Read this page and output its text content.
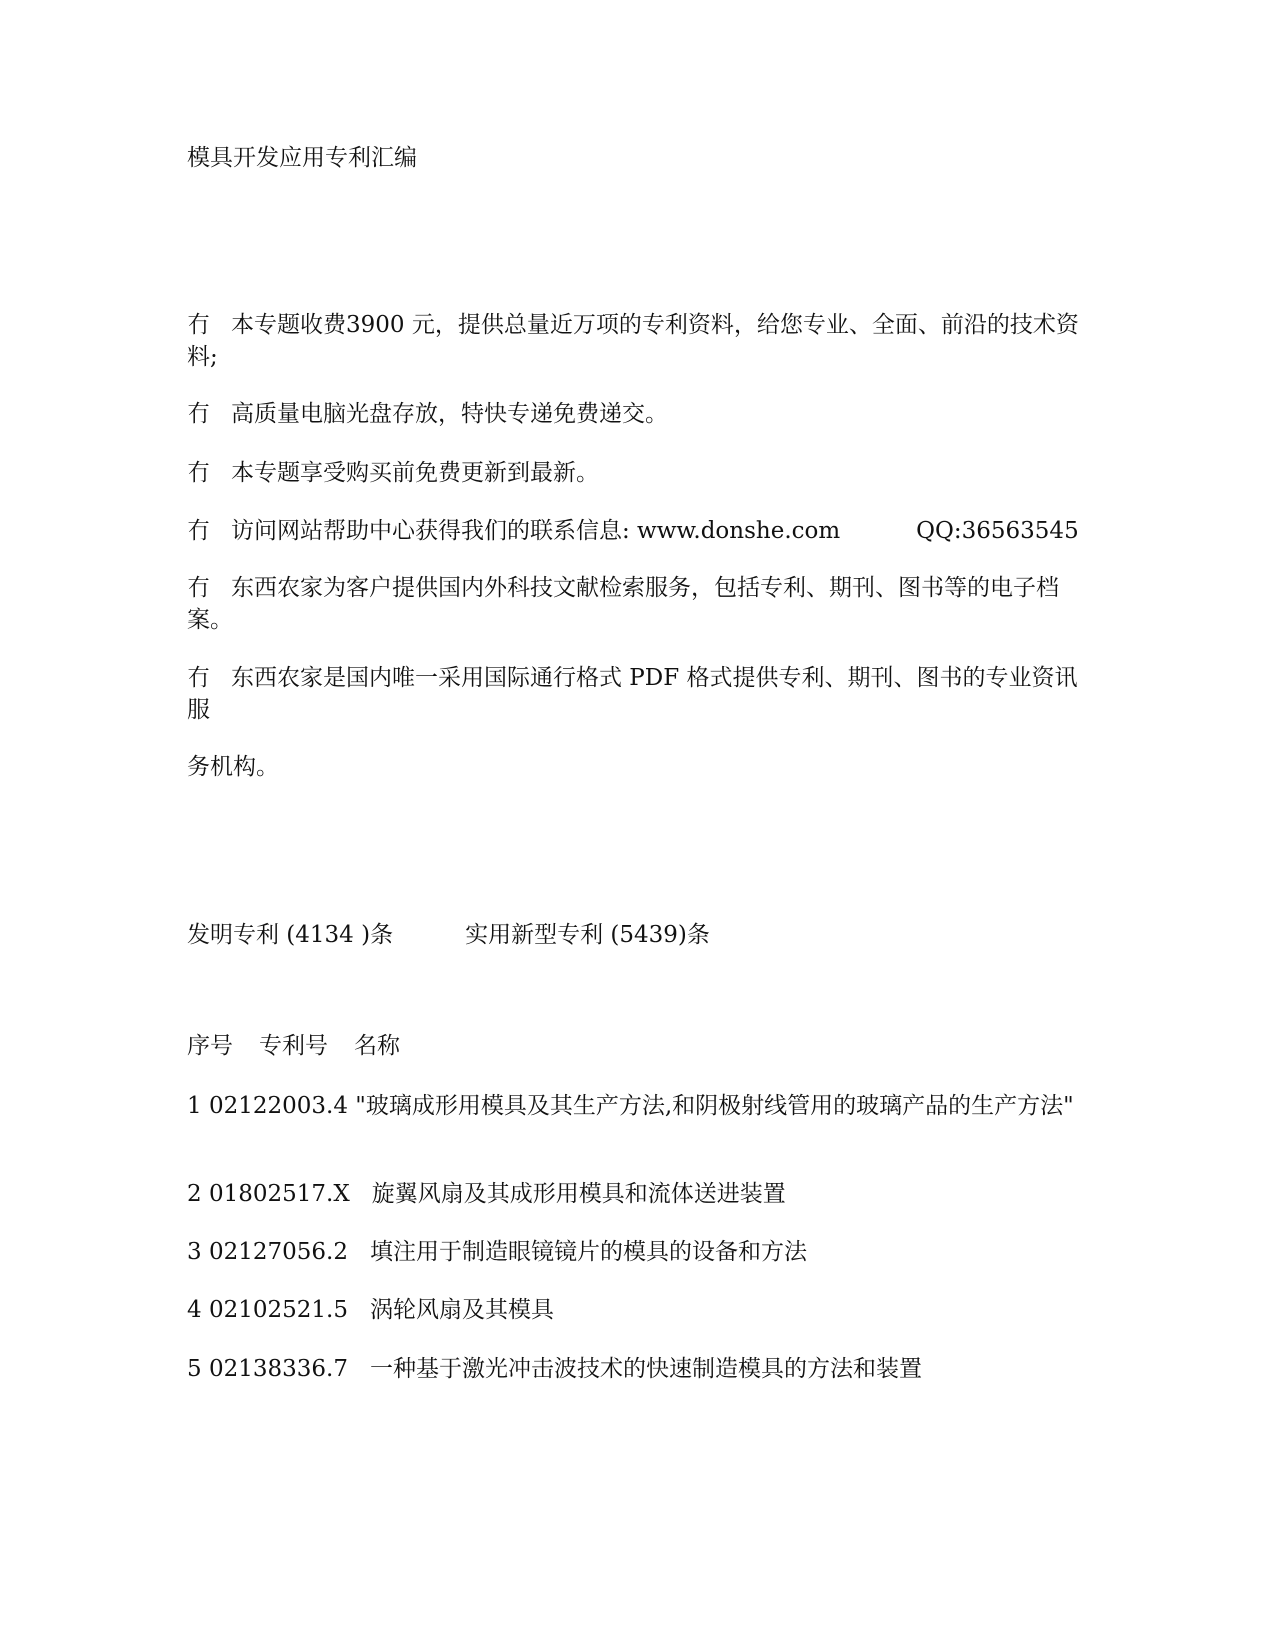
模具开发应用专利汇编
冇 本专题收费3900 元，提供总量近万项的专利资料，给您专业、全面、前沿的技术资料;
冇 高质量电脑光盘存放，特快专递免费递交。
冇 本专题享受购买前免费更新到最新。
冇 访问网站帮助中心获得我们的联系信息: www.donshe.com	QQ:36563545
冇 东西农家为客户提供国内外科技文献检索服务，包括专利、期刊、图书等的电子档案。
冇 东西农家是国内唯一采用国际通行格式 PDF 格式提供专利、期刊、图书的专业资讯服
务机构。
发明专利 (4134 )条	实用新型专利 (5439)条
序号 专利号 名称
1 02122003.4 "玻璃成形用模具及其生产方法,和阴极射线管用的玻璃产品的生产方法"
2 01802517.X 旋翼风扇及其成形用模具和流体送进装置
3 02127056.2 填注用于制造眼镜镜片的模具的设备和方法
4 02102521.5 涡轮风扇及其模具
5 02138336.7 一种基于激光冲击波技术的快速制造模具的方法和装置
